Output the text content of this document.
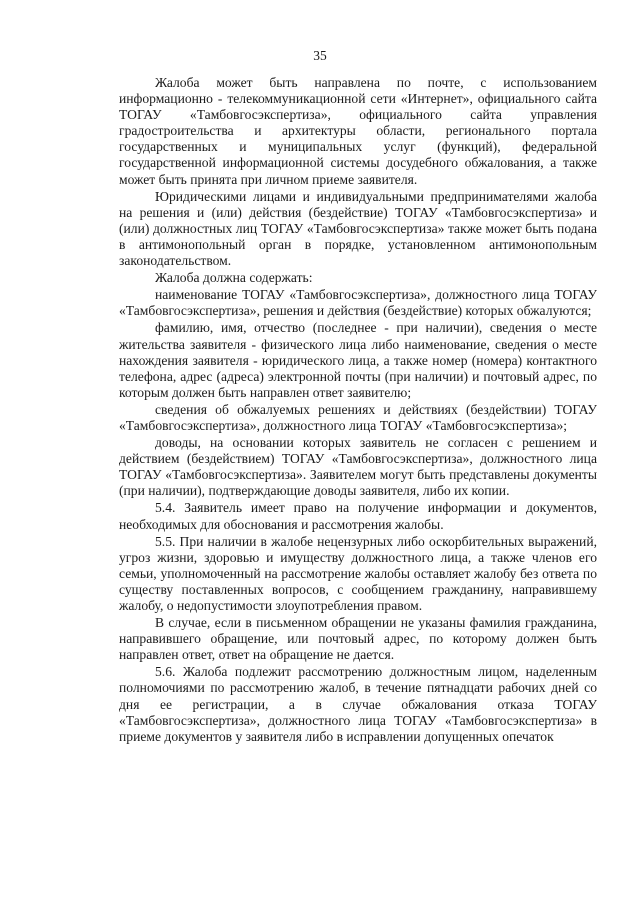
35

Жалоба может быть направлена по почте, с использованием информационно - телекоммуникационной сети «Интернет», официального сайта ТОГАУ «Тамбовгосэкспертиза», официального сайта управления градостроительства и архитектуры области, регионального портала государственных и муниципальных услуг (функций), федеральной государственной информационной системы досудебного обжалования, а также может быть принята при личном приеме заявителя.

Юридическими лицами и индивидуальными предпринимателями жалоба на решения и (или) действия (бездействие) ТОГАУ «Тамбовгосэкспертиза» и (или) должностных лиц ТОГАУ «Тамбовгосэкспертиза» также может быть подана в антимонопольный орган в порядке, установленном антимонопольным законодательством.

Жалоба должна содержать:

наименование ТОГАУ «Тамбовгосэкспертиза», должностного лица ТОГАУ «Тамбовгосэкспертиза», решения и действия (бездействие) которых обжалуются;

фамилию, имя, отчество (последнее - при наличии), сведения о месте жительства заявителя - физического лица либо наименование, сведения о месте нахождения заявителя - юридического лица, а также номер (номера) контактного телефона, адрес (адреса) электронной почты (при наличии) и почтовый адрес, по которым должен быть направлен ответ заявителю;

сведения об обжалуемых решениях и действиях (бездействии) ТОГАУ «Тамбовгосэкспертиза», должностного лица ТОГАУ «Тамбовгосэкспертиза»;

доводы, на основании которых заявитель не согласен с решением и действием (бездействием) ТОГАУ «Тамбовгосэкспертиза», должностного лица ТОГАУ «Тамбовгосэкспертиза». Заявителем могут быть представлены документы (при наличии), подтверждающие доводы заявителя, либо их копии.

5.4. Заявитель имеет право на получение информации и документов, необходимых для обоснования и рассмотрения жалобы.

5.5. При наличии в жалобе нецензурных либо оскорбительных выражений, угроз жизни, здоровью и имуществу должностного лица, а также членов его семьи, уполномоченный на рассмотрение жалобы оставляет жалобу без ответа по существу поставленных вопросов, с сообщением гражданину, направившему жалобу, о недопустимости злоупотребления правом.

В случае, если в письменном обращении не указаны фамилия гражданина, направившего обращение, или почтовый адрес, по которому должен быть направлен ответ, ответ на обращение не дается.

5.6. Жалоба подлежит рассмотрению должностным лицом, наделенным полномочиями по рассмотрению жалоб, в течение пятнадцати рабочих дней со дня ее регистрации, а в случае обжалования отказа ТОГАУ «Тамбовгосэкспертиза», должностного лица ТОГАУ «Тамбовгосэкспертиза» в приеме документов у заявителя либо в исправлении допущенных опечаток
